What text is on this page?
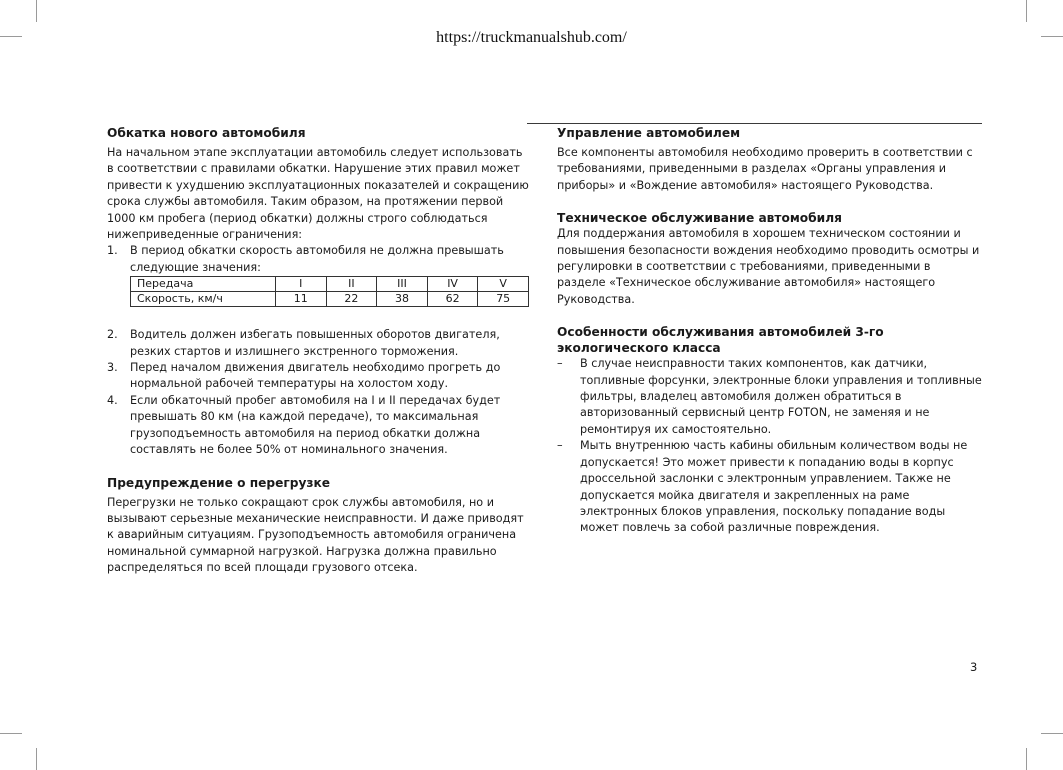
https://truckmanualshub.com/
Обкатка нового автомобиля

На начальном этапе эксплуатации автомобиль следует использовать в соответствии с правилами обкатки. Нарушение этих правил может привести к ухудшению эксплуатационных показателей и сокращению срока службы автомобиля. Таким образом, на протяжении первой 1000 км пробега (период обкатки) должны строго соблюдаться нижеприведенные ограничения:

1. В период обкатки скорость автомобиля не должна превышать следующие значения:
Передача	I	II	III	IV	V
Скорость, км/ч	11	22	38	62	75
2. Водитель должен избегать повышенных оборотов двигателя, резких стартов и излишнего экстренного торможения.
3. Перед началом движения двигатель необходимо прогреть до нормальной рабочей температуры на холостом ходу.
4. Если обкаточный пробег автомобиля на I и II передачах будет превышать 80 км (на каждой передаче), то максимальная грузоподъемность автомобиля на период обкатки должна составлять не более 50% от номинального значения.
Предупреждение о перегрузке

Перегрузки не только сокращают срок службы автомобиля, но и вызывают серьезные механические неисправности. И даже приводят к аварийным ситуациям. Грузоподъемность автомобиля ограничена номинальной суммарной нагрузкой. Нагрузка должна правильно распределяться по всей площади грузового отсека.

Управление автомобилем

Все компоненты автомобиля необходимо проверить в соответствии с требованиями, приведенными в разделах «Органы управления и приборы» и «Вождение автомобиля» настоящего Руководства.

Техническое обслуживание автомобиля

Для поддержания автомобиля в хорошем техническом состоянии и повышения безопасности вождения необходимо проводить осмотры и регулировки в соответствии с требованиями, приведенными в разделе «Техническое обслуживание автомобиля» настоящего Руководства.

Особенности обслуживания автомобилей 3-го экологического класса
– В случае неисправности таких компонентов, как датчики, топливные форсунки, электронные блоки управления и топливные фильтры, владелец автомобиля должен обратиться в авторизованный сервисный центр FOTON, не заменяя и не ремонтируя их самостоятельно.
– Мыть внутреннюю часть кабины обильным количеством воды не допускается! Это может привести к попаданию воды в корпус дроссельной заслонки с электронным управлением. Также не допускается мойка двигателя и закрепленных на раме электронных блоков управления, поскольку попадание воды может повлечь за собой различные повреждения.
3
